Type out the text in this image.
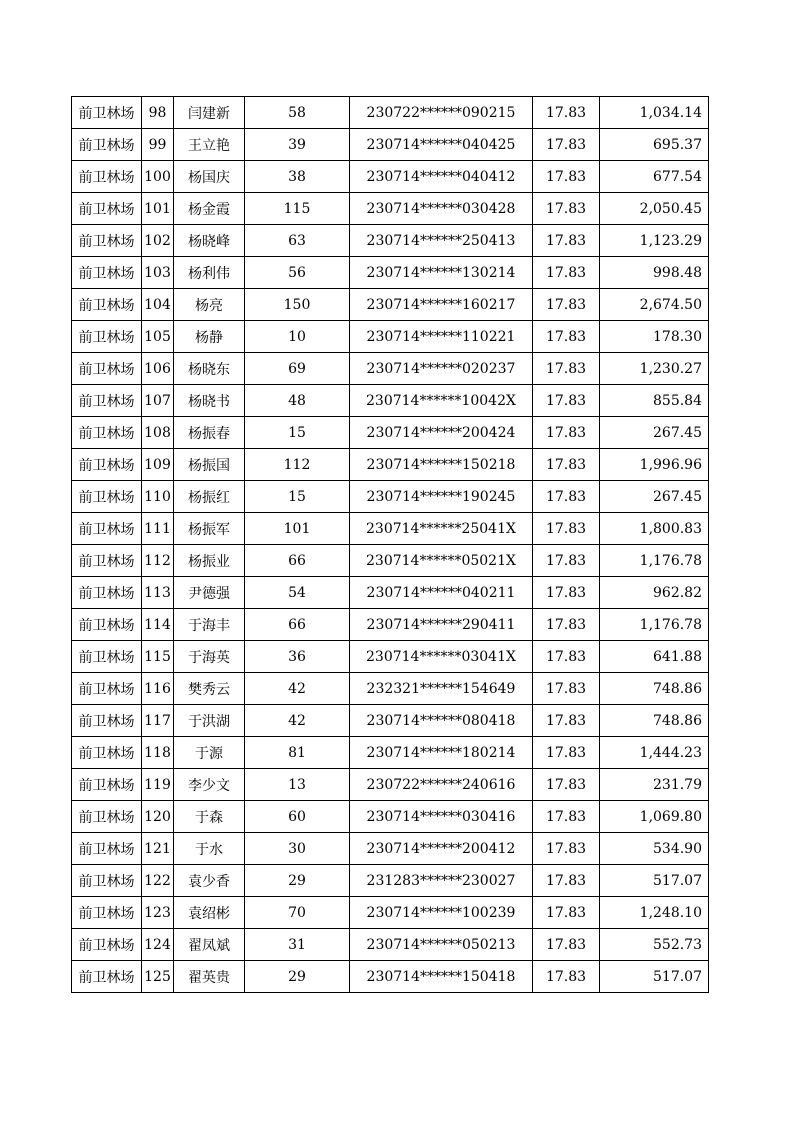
前卫林场	98	闫建新	58	230722******090215	17.83	1,034.14
前卫林场	99	王立艳	39	230714******040425	17.83	695.37
前卫林场	100	杨国庆	38	230714******040412	17.83	677.54
前卫林场	101	杨金霞	115	230714******030428	17.83	2,050.45
前卫林场	102	杨晓峰	63	230714******250413	17.83	1,123.29
前卫林场	103	杨利伟	56	230714******130214	17.83	998.48
前卫林场	104	杨亮	150	230714******160217	17.83	2,674.50
前卫林场	105	杨静	10	230714******110221	17.83	178.30
前卫林场	106	杨晓东	69	230714******020237	17.83	1,230.27
前卫林场	107	杨晓书	48	230714******10042X	17.83	855.84
前卫林场	108	杨振春	15	230714******200424	17.83	267.45
前卫林场	109	杨振国	112	230714******150218	17.83	1,996.96
前卫林场	110	杨振红	15	230714******190245	17.83	267.45
前卫林场	111	杨振军	101	230714******25041X	17.83	1,800.83
前卫林场	112	杨振业	66	230714******05021X	17.83	1,176.78
前卫林场	113	尹德强	54	230714******040211	17.83	962.82
前卫林场	114	于海丰	66	230714******290411	17.83	1,176.78
前卫林场	115	于海英	36	230714******03041X	17.83	641.88
前卫林场	116	樊秀云	42	232321******154649	17.83	748.86
前卫林场	117	于洪湖	42	230714******080418	17.83	748.86
前卫林场	118	于源	81	230714******180214	17.83	1,444.23
前卫林场	119	李少文	13	230722******240616	17.83	231.79
前卫林场	120	于森	60	230714******030416	17.83	1,069.80
前卫林场	121	于水	30	230714******200412	17.83	534.90
前卫林场	122	袁少香	29	231283******230027	17.83	517.07
前卫林场	123	袁绍彬	70	230714******100239	17.83	1,248.10
前卫林场	124	翟凤斌	31	230714******050213	17.83	552.73
前卫林场	125	翟英贵	29	230714******150418	17.83	517.07
